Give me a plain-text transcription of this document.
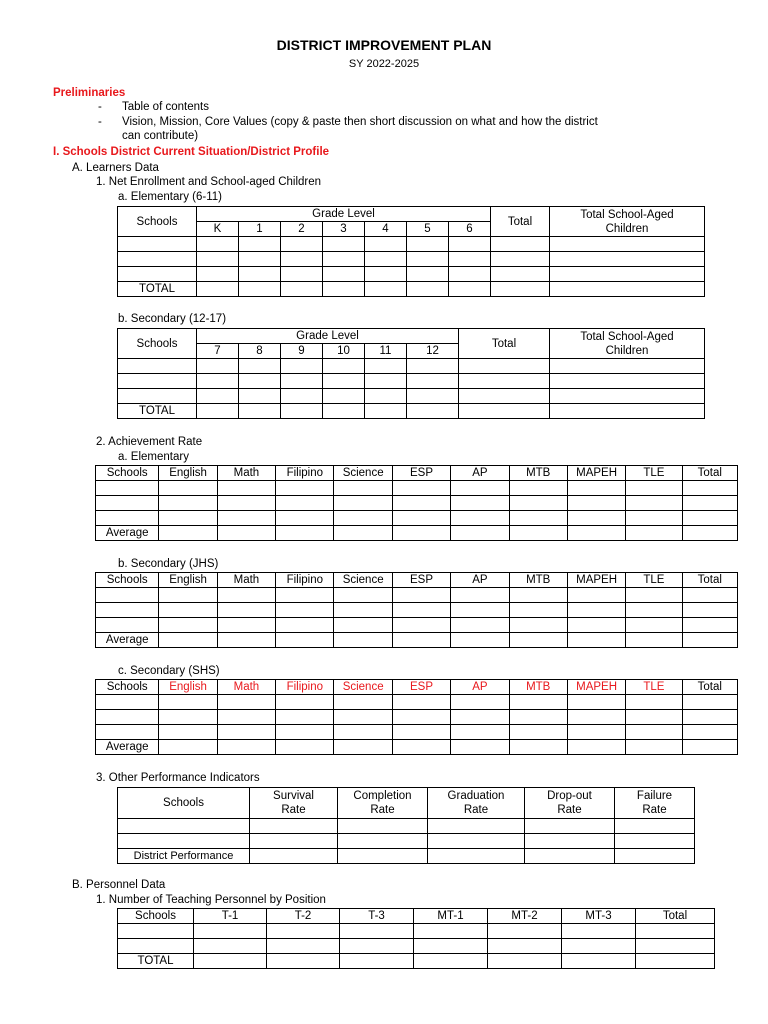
DISTRICT IMPROVEMENT PLAN
SY 2022-2025
Preliminaries
- Table of contents
- Vision, Mission, Core Values (copy & paste then short discussion on what and how the district
can contribute)
I. Schools District Current Situation/District Profile
A. Learners Data
1. Net Enrollment and School-aged Children
a. Elementary (6-11)
Schools	Grade Level							Total	Total School-Aged
Children
	K	1	2	3	4	5	6		

TOTAL									
b. Secondary (12-17)
Schools	Grade Level						Total	Total School-Aged
Children
	7	8	9	10	11	12		

TOTAL								
2. Achievement Rate
a. Elementary
Schools	English	Math	Filipino	Science	ESP	AP	MTB	MAPEH	TLE	Total

Average										
b. Secondary (JHS)
Schools	English	Math	Filipino	Science	ESP	AP	MTB	MAPEH	TLE	Total

Average										
c. Secondary (SHS)
Schools	English	Math	Filipino	Science	ESP	AP	MTB	MAPEH	TLE	Total

Average										
3. Other Performance Indicators
Schools	Survival
Rate	Completion
Rate	Graduation
Rate	Drop-out
Rate	Failure
Rate

District Performance					
B. Personnel Data
1. Number of Teaching Personnel by Position
Schools	T-1	T-2	T-3	MT-1	MT-2	MT-3	Total

TOTAL							
